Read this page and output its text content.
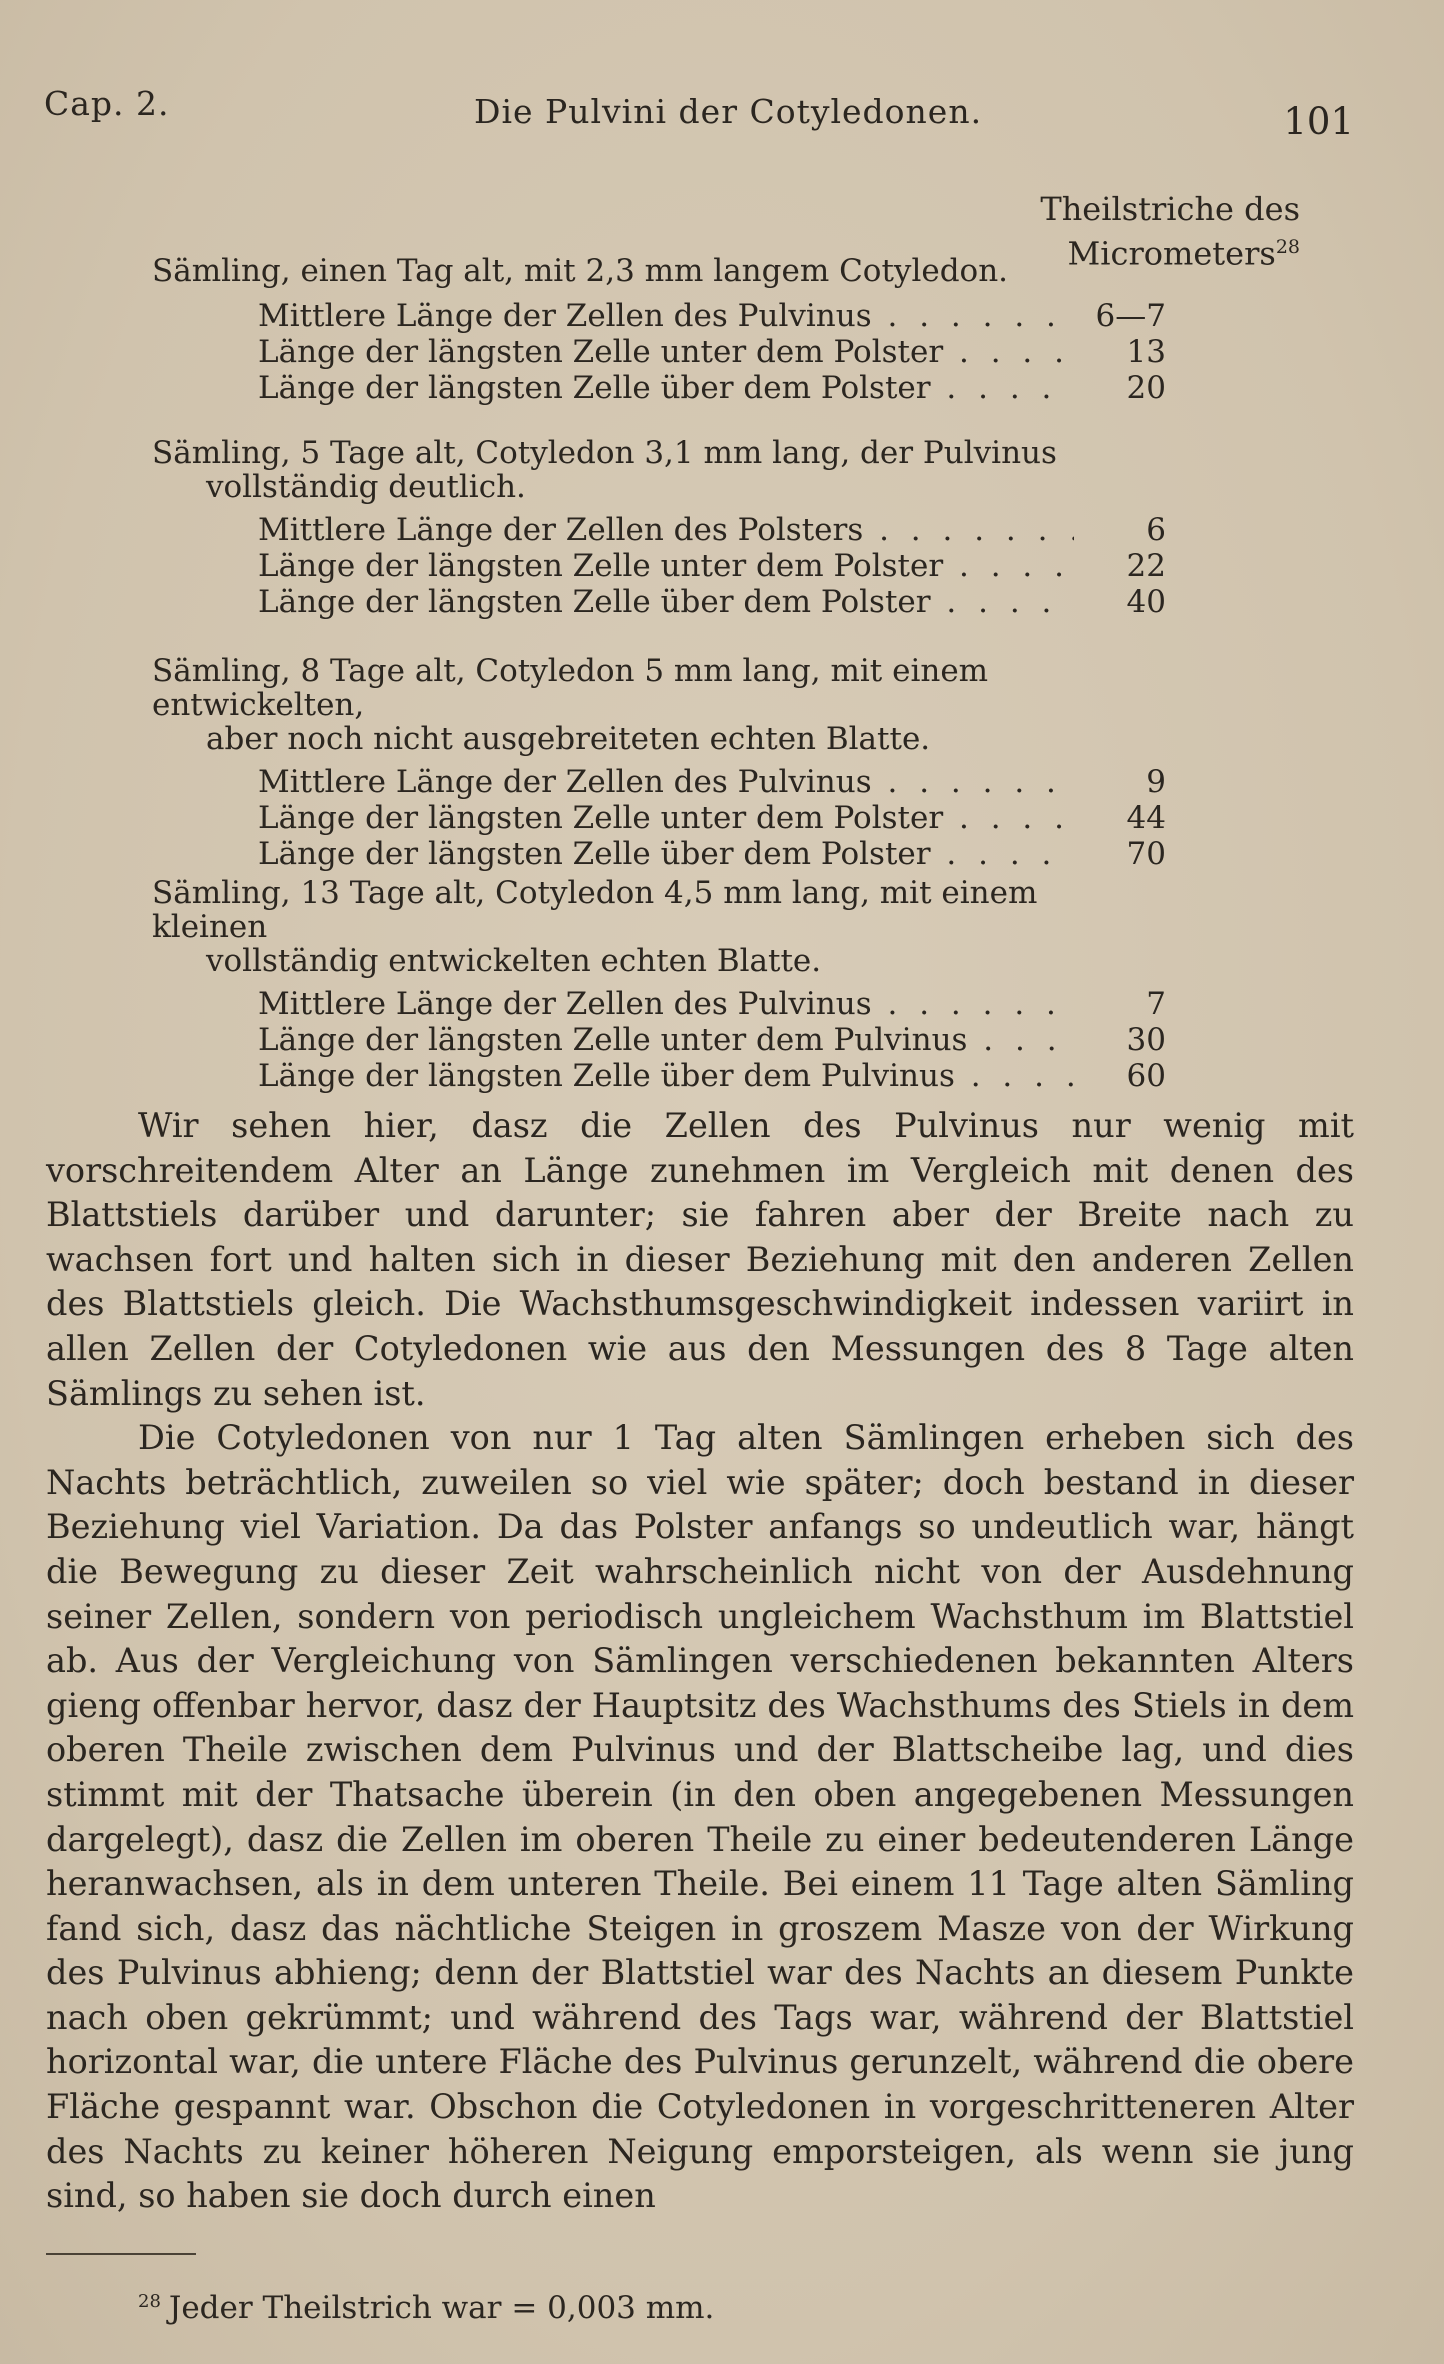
Cap. 2.	Die Pulvini der Cotyledonen.	101
Theilstriche des
Micrometers$^{28}$
Sämling, einen Tag alt, mit 2,3 mm langem Cotyledon.
Mittlere Länge der Zellen des Pulvinus . . .	6—7
Länge der längsten Zelle unter dem Polster . . .	13
Länge der längsten Zelle über dem Polster . . .	20
Sämling, 5 Tage alt, Cotyledon 3,1 mm lang, der Pulvinus
vollständig deutlich.
Mittlere Länge der Zellen des Polsters . . .	6
Länge der längsten Zelle unter dem Polster . . .	22
Länge der längsten Zelle über dem Polster . . .	40
Sämling, 8 Tage alt, Cotyledon 5 mm lang, mit einem entwickelten,
aber noch nicht ausgebreiteten echten Blatte.
Mittlere Länge der Zellen des Pulvinus . . .	9
Länge der längsten Zelle unter dem Polster . . .	44
Länge der längsten Zelle über dem Polster . . .	70
Sämling, 13 Tage alt, Cotyledon 4,5 mm lang, mit einem kleinen
vollständig entwickelten echten Blatte.
Mittlere Länge der Zellen des Pulvinus . . .	7
Länge der längsten Zelle unter dem Pulvinus . . .	30
Länge der längsten Zelle über dem Pulvinus . . .	60

Wir sehen hier, dasz die Zellen des Pulvinus nur wenig mit vorschreitendem Alter an Länge zunehmen im Vergleich mit denen des Blattstiels darüber und darunter; sie fahren aber der Breite nach zu wachsen fort und halten sich in dieser Beziehung mit den anderen Zellen des Blattstiels gleich. Die Wachsthumsgeschwindigkeit indessen variirt in allen Zellen der Cotyledonen wie aus den Messungen des 8 Tage alten Sämlings zu sehen ist.

Die Cotyledonen von nur 1 Tag alten Sämlingen erheben sich des Nachts beträchtlich, zuweilen so viel wie später; doch bestand in dieser Beziehung viel Variation. Da das Polster anfangs so undeutlich war, hängt die Bewegung zu dieser Zeit wahrscheinlich nicht von der Ausdehnung seiner Zellen, sondern von periodisch ungleichem Wachsthum im Blattstiel ab. Aus der Vergleichung von Sämlingen verschiedenen bekannten Alters gieng offenbar hervor, dasz der Hauptsitz des Wachsthums des Stiels in dem oberen Theile zwischen dem Pulvinus und der Blattscheibe lag, und dies stimmt mit der Thatsache überein (in den oben angegebenen Messungen dargelegt), dasz die Zellen im oberen Theile zu einer bedeutenderen Länge heranwachsen, als in dem unteren Theile. Bei einem 11 Tage alten Sämling fand sich, dasz das nächtliche Steigen in groszem Masze von der Wirkung des Pulvinus abhieng; denn der Blattstiel war des Nachts an diesem Punkte nach oben gekrümmt; und während des Tags war, während der Blattstiel horizontal war, die untere Fläche des Pulvinus gerunzelt, während die obere Fläche gespannt war. Obschon die Cotyledonen in vorgeschritteneren Alter des Nachts zu keiner höheren Neigung emporsteigen, als wenn sie jung sind, so haben sie doch durch einen

$^{28}$ Jeder Theilstrich war = 0,003 mm.
